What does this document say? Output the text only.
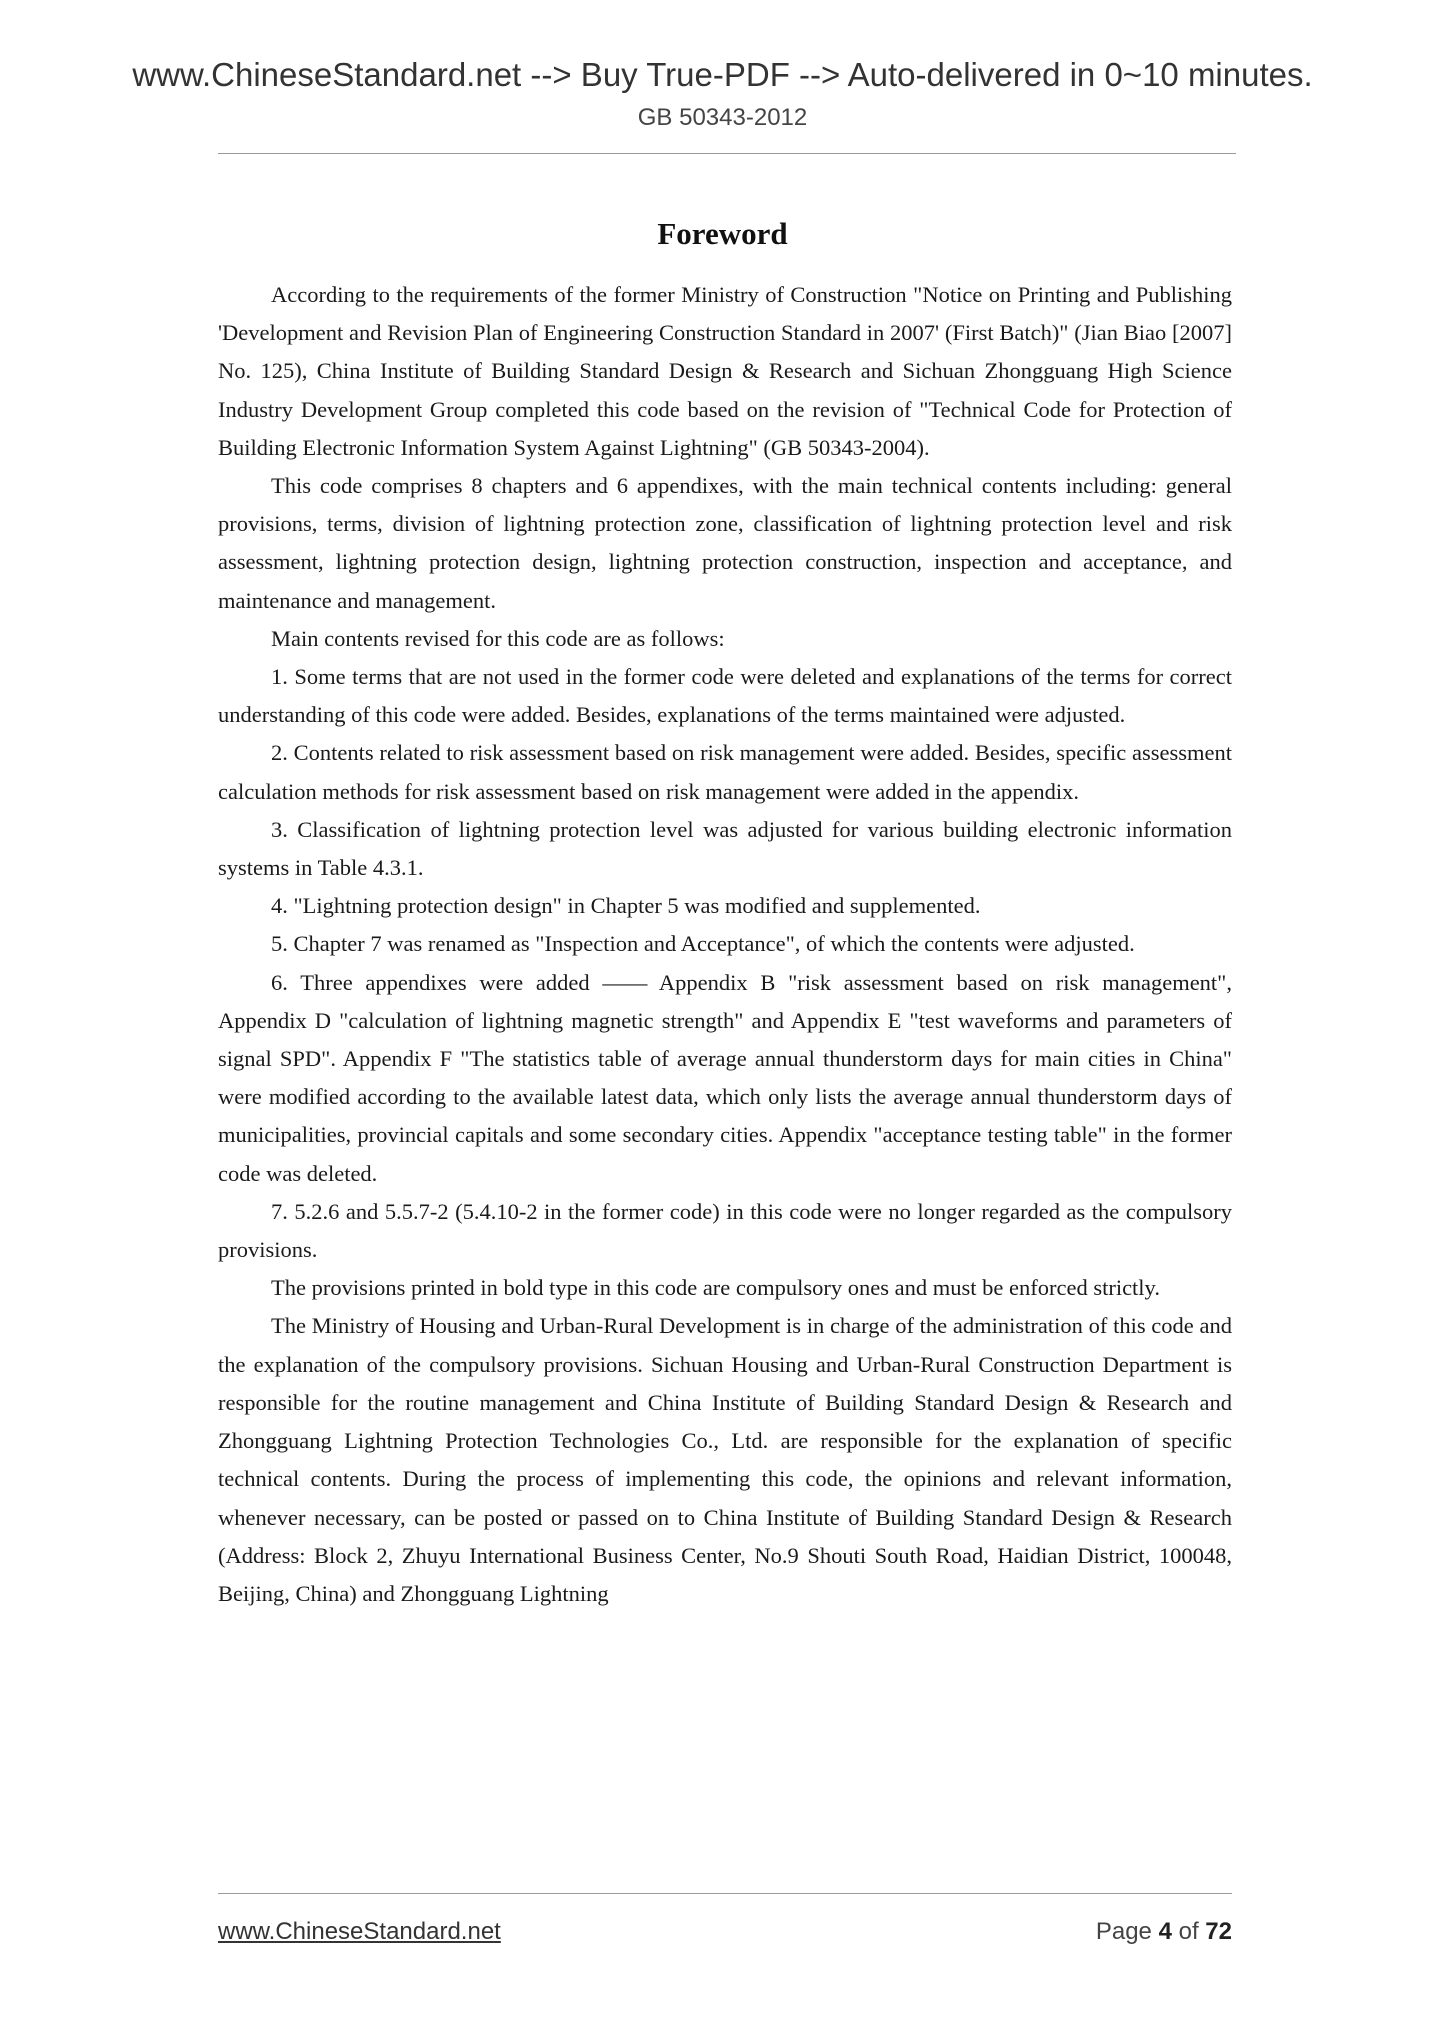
www.ChineseStandard.net --> Buy True-PDF --> Auto-delivered in 0~10 minutes.
GB 50343-2012
Foreword

According to the requirements of the former Ministry of Construction "Notice on Printing and Publishing 'Development and Revision Plan of Engineering Construction Standard in 2007' (First Batch)" (Jian Biao [2007] No. 125), China Institute of Building Standard Design & Research and Sichuan Zhongguang High Science Industry Development Group completed this code based on the revision of "Technical Code for Protection of Building Electronic Information System Against Lightning" (GB 50343-2004).

This code comprises 8 chapters and 6 appendixes, with the main technical contents including: general provisions, terms, division of lightning protection zone, classification of lightning protection level and risk assessment, lightning protection design, lightning protection construction, inspection and acceptance, and maintenance and management.

Main contents revised for this code are as follows:

1. Some terms that are not used in the former code were deleted and explanations of the terms for correct understanding of this code were added. Besides, explanations of the terms maintained were adjusted.

2. Contents related to risk assessment based on risk management were added. Besides, specific assessment calculation methods for risk assessment based on risk management were added in the appendix.

3. Classification of lightning protection level was adjusted for various building electronic information systems in Table 4.3.1.

4. "Lightning protection design" in Chapter 5 was modified and supplemented.

5. Chapter 7 was renamed as "Inspection and Acceptance", of which the contents were adjusted.

6. Three appendixes were added —— Appendix B "risk assessment based on risk management", Appendix D "calculation of lightning magnetic strength" and Appendix E "test waveforms and parameters of signal SPD". Appendix F "The statistics table of average annual thunderstorm days for main cities in China" were modified according to the available latest data, which only lists the average annual thunderstorm days of municipalities, provincial capitals and some secondary cities. Appendix "acceptance testing table" in the former code was deleted.

7. 5.2.6 and 5.5.7-2 (5.4.10-2 in the former code) in this code were no longer regarded as the compulsory provisions.

The provisions printed in bold type in this code are compulsory ones and must be enforced strictly.

The Ministry of Housing and Urban-Rural Development is in charge of the administration of this code and the explanation of the compulsory provisions. Sichuan Housing and Urban-Rural Construction Department is responsible for the routine management and China Institute of Building Standard Design & Research and Zhongguang Lightning Protection Technologies Co., Ltd. are responsible for the explanation of specific technical contents. During the process of implementing this code, the opinions and relevant information, whenever necessary, can be posted or passed on to China Institute of Building Standard Design & Research (Address: Block 2, Zhuyu International Business Center, No.9 Shouti South Road, Haidian District, 100048, Beijing, China) and Zhongguang Lightning

www.ChineseStandard.net	Page 4 of 72
